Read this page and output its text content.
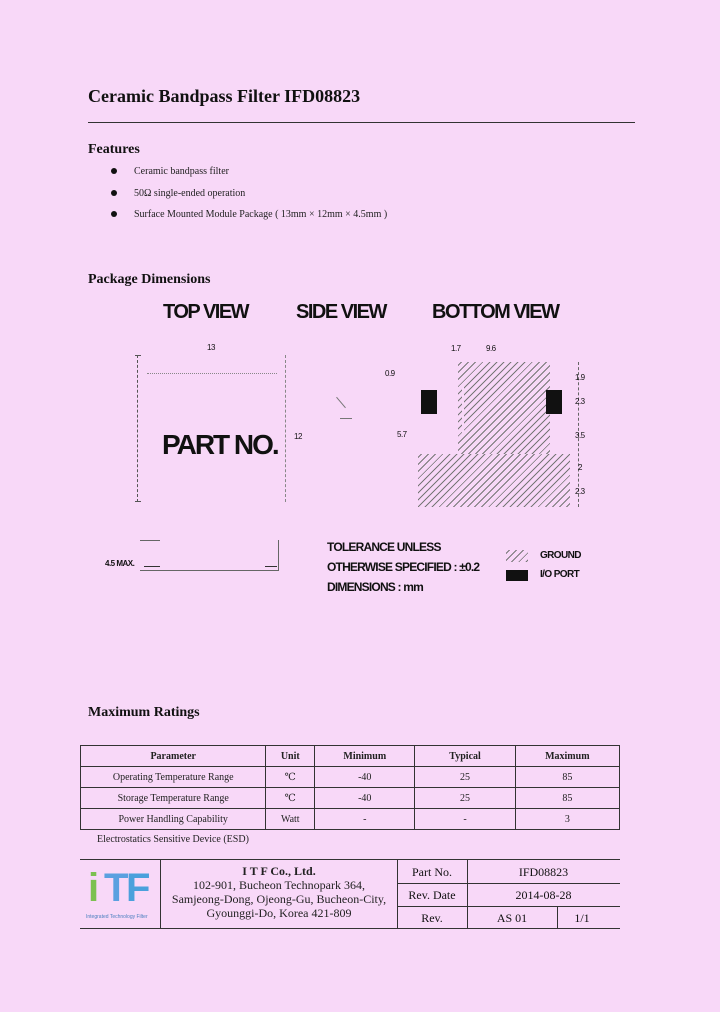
Ceramic Bandpass Filter IFD08823
Features
Ceramic bandpass filter
50Ω single-ended operation
Surface Mounted Module Package ( 13mm × 12mm × 4.5mm )
Package Dimensions
TOP VIEW SIDE VIEW BOTTOM VIEW
13
12
PART NO.
1.7	9.6
0.9
5.7
1.9
2.3
3.5
2
2.3
4.5 MAX.
TOLERANCE UNLESS
OTHERWISE SPECIFIED : ±0.2
DIMENSIONS : mm
GROUND
I/O PORT
Maximum Ratings
Parameter	Unit	Minimum	Typical	Maximum
Operating Temperature Range	℃	-40	25	85
Storage Temperature Range	℃	-40	25	85
Power Handling Capability	Watt	-	-	3
Electrostatics Sensitive Device (ESD)
i T
F
Integrated Technology Filter
I T F Co., Ltd.
102-901, Bucheon Technopark 364,
Samjeong-Dong, Ojeong-Gu, Bucheon-City,
Gyounggi-Do, Korea 421-809
Part No.	IFD08823
Rev. Date	2014-08-28
Rev.	AS 01	1/1
